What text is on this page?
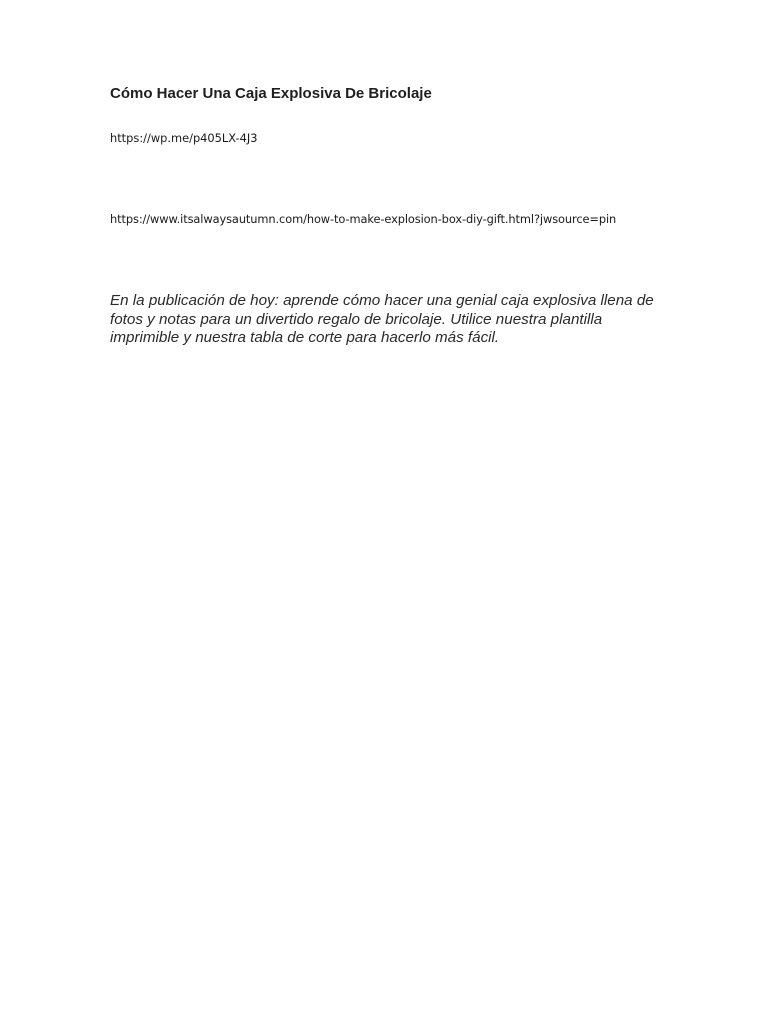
Cómo Hacer Una Caja Explosiva De Bricolaje
https://wp.me/p405LX-4J3
https://www.itsalwaysautumn.com/how-to-make-explosion-box-diy-gift.html?jwsource=pin

En la publicación de hoy: aprende cómo hacer una genial caja explosiva llena de fotos y notas para un divertido regalo de bricolaje. Utilice nuestra plantilla imprimible y nuestra tabla de corte para hacerlo más fácil.
